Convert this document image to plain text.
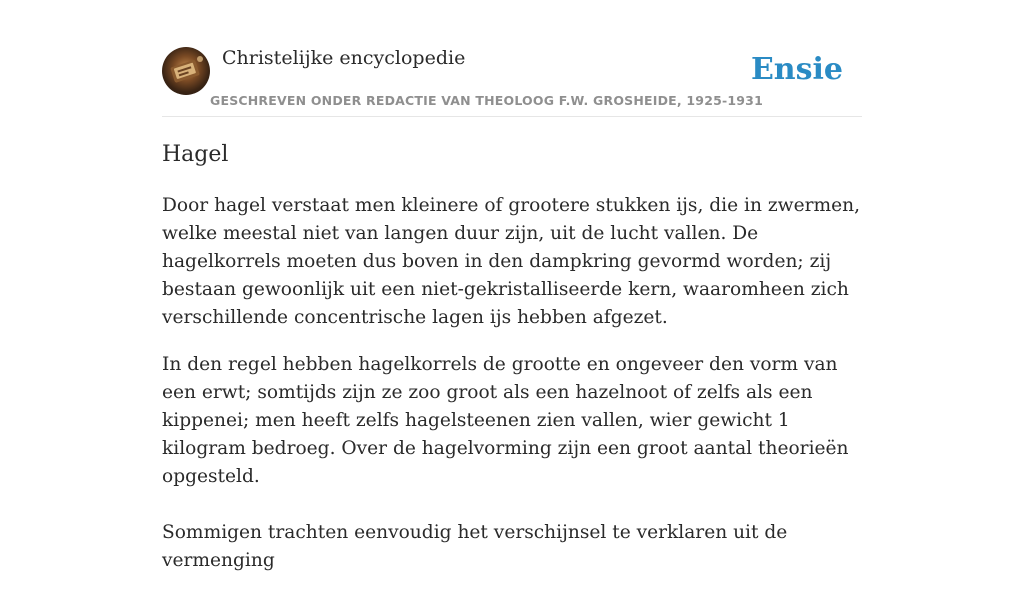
Christelijke encyclopedie
GESCHREVEN ONDER REDACTIE VAN THEOLOOG F.W. GROSHEIDE, 1925-1931
Ensie
Hagel

Door hagel verstaat men kleinere of grootere stukken ijs, die in zwermen, welke meestal niet van langen duur zijn, uit de lucht vallen. De hagelkorrels moeten dus boven in den dampkring gevormd worden; zij bestaan gewoonlijk uit een niet-gekristalliseerde kern, waaromheen zich verschillende concentrische lagen ijs hebben afgezet.

In den regel hebben hagelkorrels de grootte en ongeveer den vorm van een erwt; somtijds zijn ze zoo groot als een hazelnoot of zelfs als een kippenei; men heeft zelfs hagelsteenen zien vallen, wier gewicht 1 kilogram bedroeg. Over de hagelvorming zijn een groot aantal theorieën opgesteld.

Sommigen trachten eenvoudig het verschijnsel te verklaren uit de vermenging
